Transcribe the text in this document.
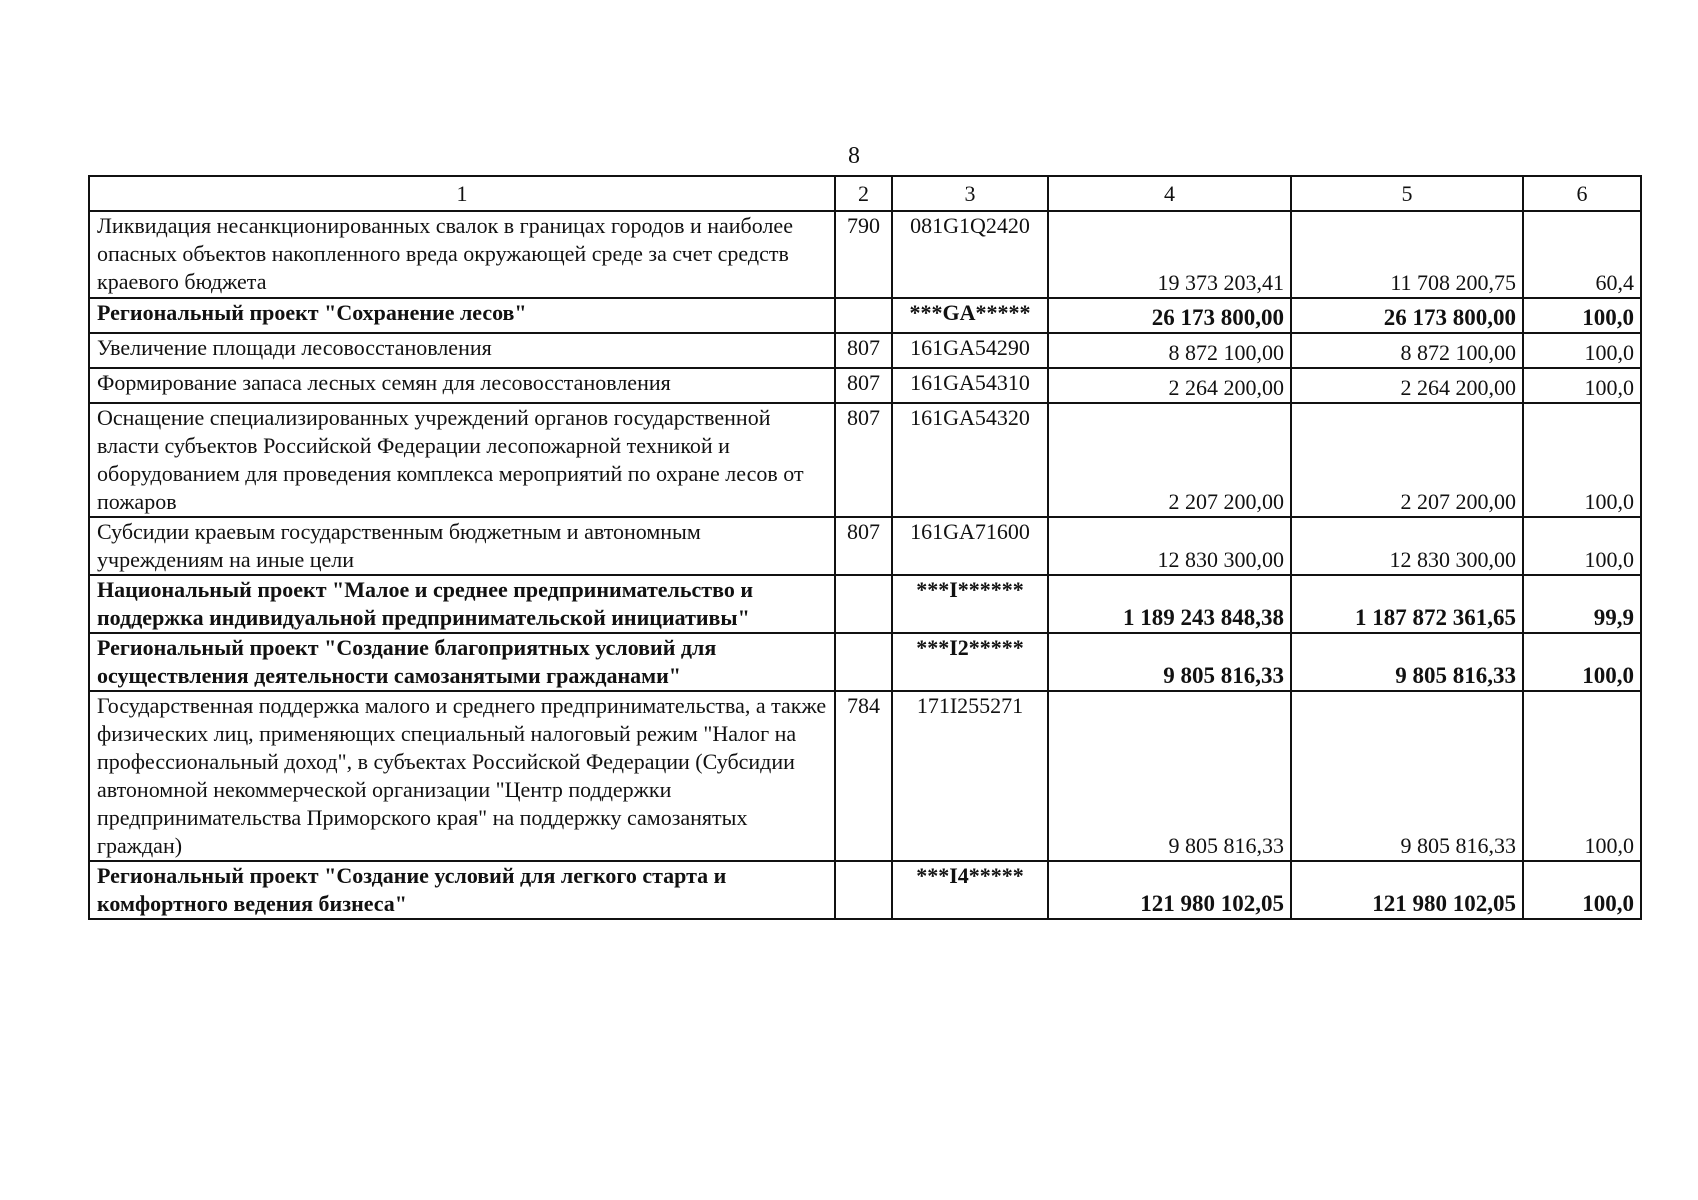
8
1	2	3	4	5	6
Ликвидация несанкционированных свалок в границах городов и наиболее опасных объектов накопленного вреда окружающей среде за счет средств краевого бюджета	790	081G1Q2420	19 373 203,41	11 708 200,75	60,4
Региональный проект "Сохранение лесов"		***GA*****	26 173 800,00	26 173 800,00	100,0
Увеличение площади лесовосстановления	807	161GA54290	8 872 100,00	8 872 100,00	100,0
Формирование запаса лесных семян для лесовосстановления	807	161GA54310	2 264 200,00	2 264 200,00	100,0
Оснащение специализированных учреждений органов государственной власти субъектов Российской Федерации лесопожарной техникой и оборудованием для проведения комплекса мероприятий по охране лесов от пожаров	807	161GA54320	2 207 200,00	2 207 200,00	100,0
Субсидии краевым государственным бюджетным и автономным учреждениям на иные цели	807	161GA71600	12 830 300,00	12 830 300,00	100,0
Национальный проект "Малое и среднее предпринимательство и поддержка индивидуальной предпринимательской инициативы"		***I******	1 189 243 848,38	1 187 872 361,65	99,9
Региональный проект "Создание благоприятных условий для осуществления деятельности самозанятыми гражданами"		***I2*****	9 805 816,33	9 805 816,33	100,0
Государственная поддержка малого и среднего предпринимательства, а также физических лиц, применяющих специальный налоговый режим "Налог на профессиональный доход", в субъектах Российской Федерации (Субсидии автономной некоммерческой организации "Центр поддержки предпринимательства Приморского края" на поддержку самозанятых граждан)	784	171I255271	9 805 816,33	9 805 816,33	100,0
Региональный проект "Создание условий для легкого старта и комфортного ведения бизнеса"		***I4*****	121 980 102,05	121 980 102,05	100,0
